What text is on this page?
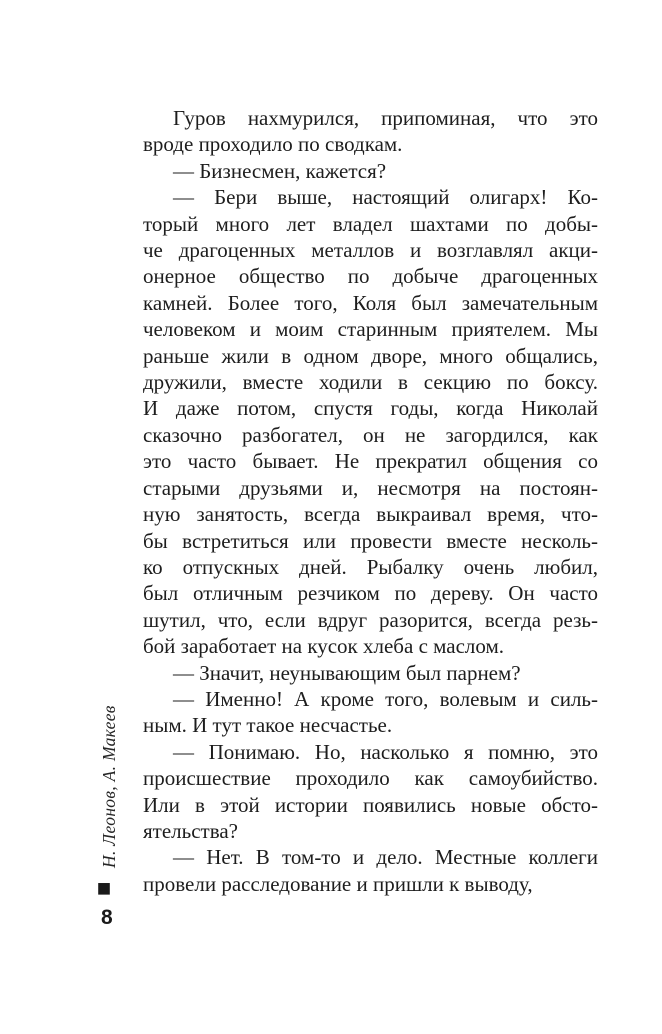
Гуров нахмурился, припоминая, что это
вроде проходило по сводкам.
— Бизнесмен, кажется?
— Бери выше, настоящий олигарх! Ко-
торый много лет владел шахтами по добы-
че драгоценных металлов и возглавлял акци-
онерное общество по добыче драгоценных
камней. Более того, Коля был замечательным
человеком и моим старинным приятелем. Мы
раньше жили в одном дворе, много общались,
дружили, вместе ходили в секцию по боксу.
И даже потом, спустя годы, когда Николай
сказочно разбогател, он не загордился, как
это часто бывает. Не прекратил общения со
старыми друзьями и, несмотря на постоян-
ную занятость, всегда выкраивал время, что-
бы встретиться или провести вместе несколь-
ко отпускных дней. Рыбалку очень любил,
был отличным резчиком по дереву. Он часто
шутил, что, если вдруг разорится, всегда резь-
бой заработает на кусок хлеба с маслом.
— Значит, неунывающим был парнем?
— Именно! А кроме того, волевым и силь-
ным. И тут такое несчастье.
— Понимаю. Но, насколько я помню, это
происшествие проходило как самоубийство.
Или в этой истории появились новые обсто-
ятельства?
— Нет. В том-то и дело. Местные коллеги
провели расследование и пришли к выводу,
Н. Леонов, А. Макеев
■
8
